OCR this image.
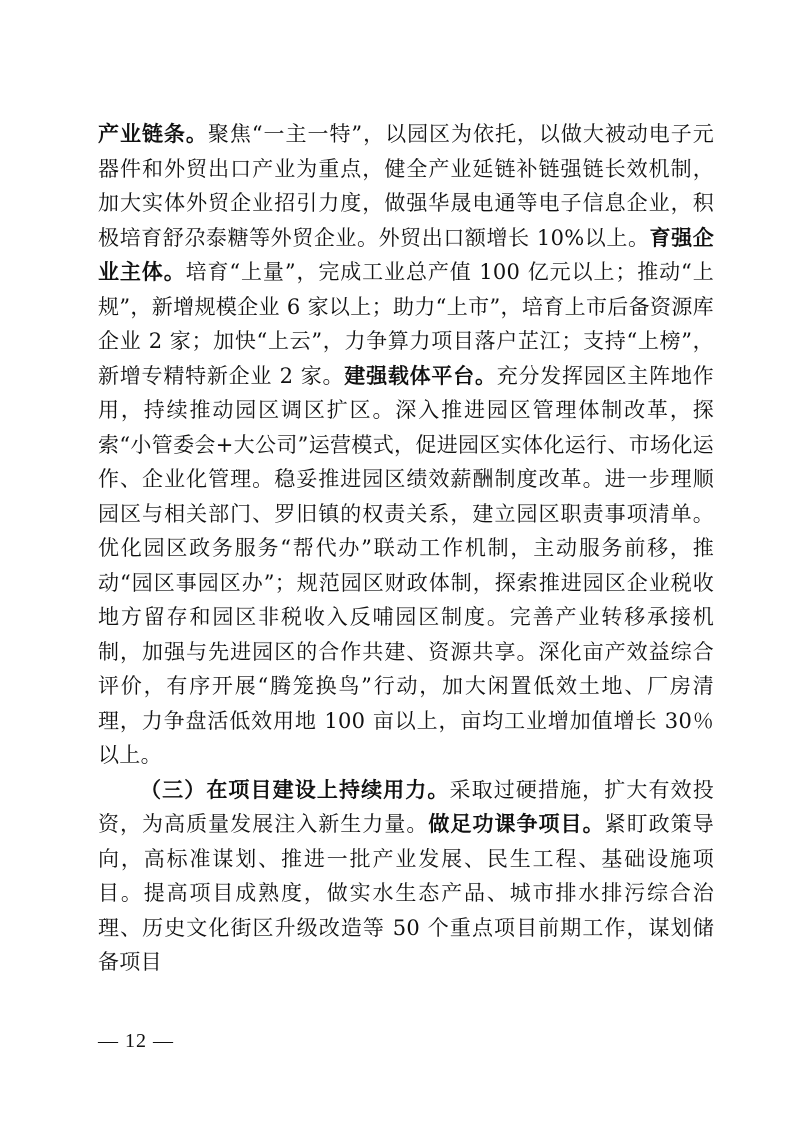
产业链条。聚焦“一主一特”，以园区为依托，以做大被动电子元器件和外贸出口产业为重点，健全产业延链补链强链长效机制，加大实体外贸企业招引力度，做强华晟电通等电子信息企业，积极培育舒尕泰糖等外贸企业。外贸出口额增长 10%以上。育强企业主体。培育“上量”，完成工业总产值 100 亿元以上；推动“上规”，新增规模企业 6 家以上；助力“上市”，培育上市后备资源库企业 2 家；加快“上云”，力争算力项目落户芷江；支持“上榜”，新增专精特新企业 2 家。建强载体平台。充分发挥园区主阵地作用，持续推动园区调区扩区。深入推进园区管理体制改革，探索“小管委会+大公司”运营模式，促进园区实体化运行、市场化运作、企业化管理。稳妥推进园区绩效薪酬制度改革。进一步理顺园区与相关部门、罗旧镇的权责关系，建立园区职责事项清单。优化园区政务服务“帮代办”联动工作机制，主动服务前移，推动“园区事园区办”；规范园区财政体制，探索推进园区企业税收地方留存和园区非税收入反哺园区制度。完善产业转移承接机制，加强与先进园区的合作共建、资源共享。深化亩产效益综合评价，有序开展“腾笼换鸟”行动，加大闲置低效土地、厂房清理，力争盘活低效用地 100 亩以上，亩均工业增加值增长 30％以上。

（三）在项目建设上持续用力。采取过硬措施，扩大有效投资，为高质量发展注入新生力量。做足功课争项目。紧盯政策导向，高标准谋划、推进一批产业发展、民生工程、基础设施项目。提高项目成熟度，做实水生态产品、城市排水排污综合治理、历史文化街区升级改造等 50 个重点项目前期工作，谋划储备项目

— 12 —
